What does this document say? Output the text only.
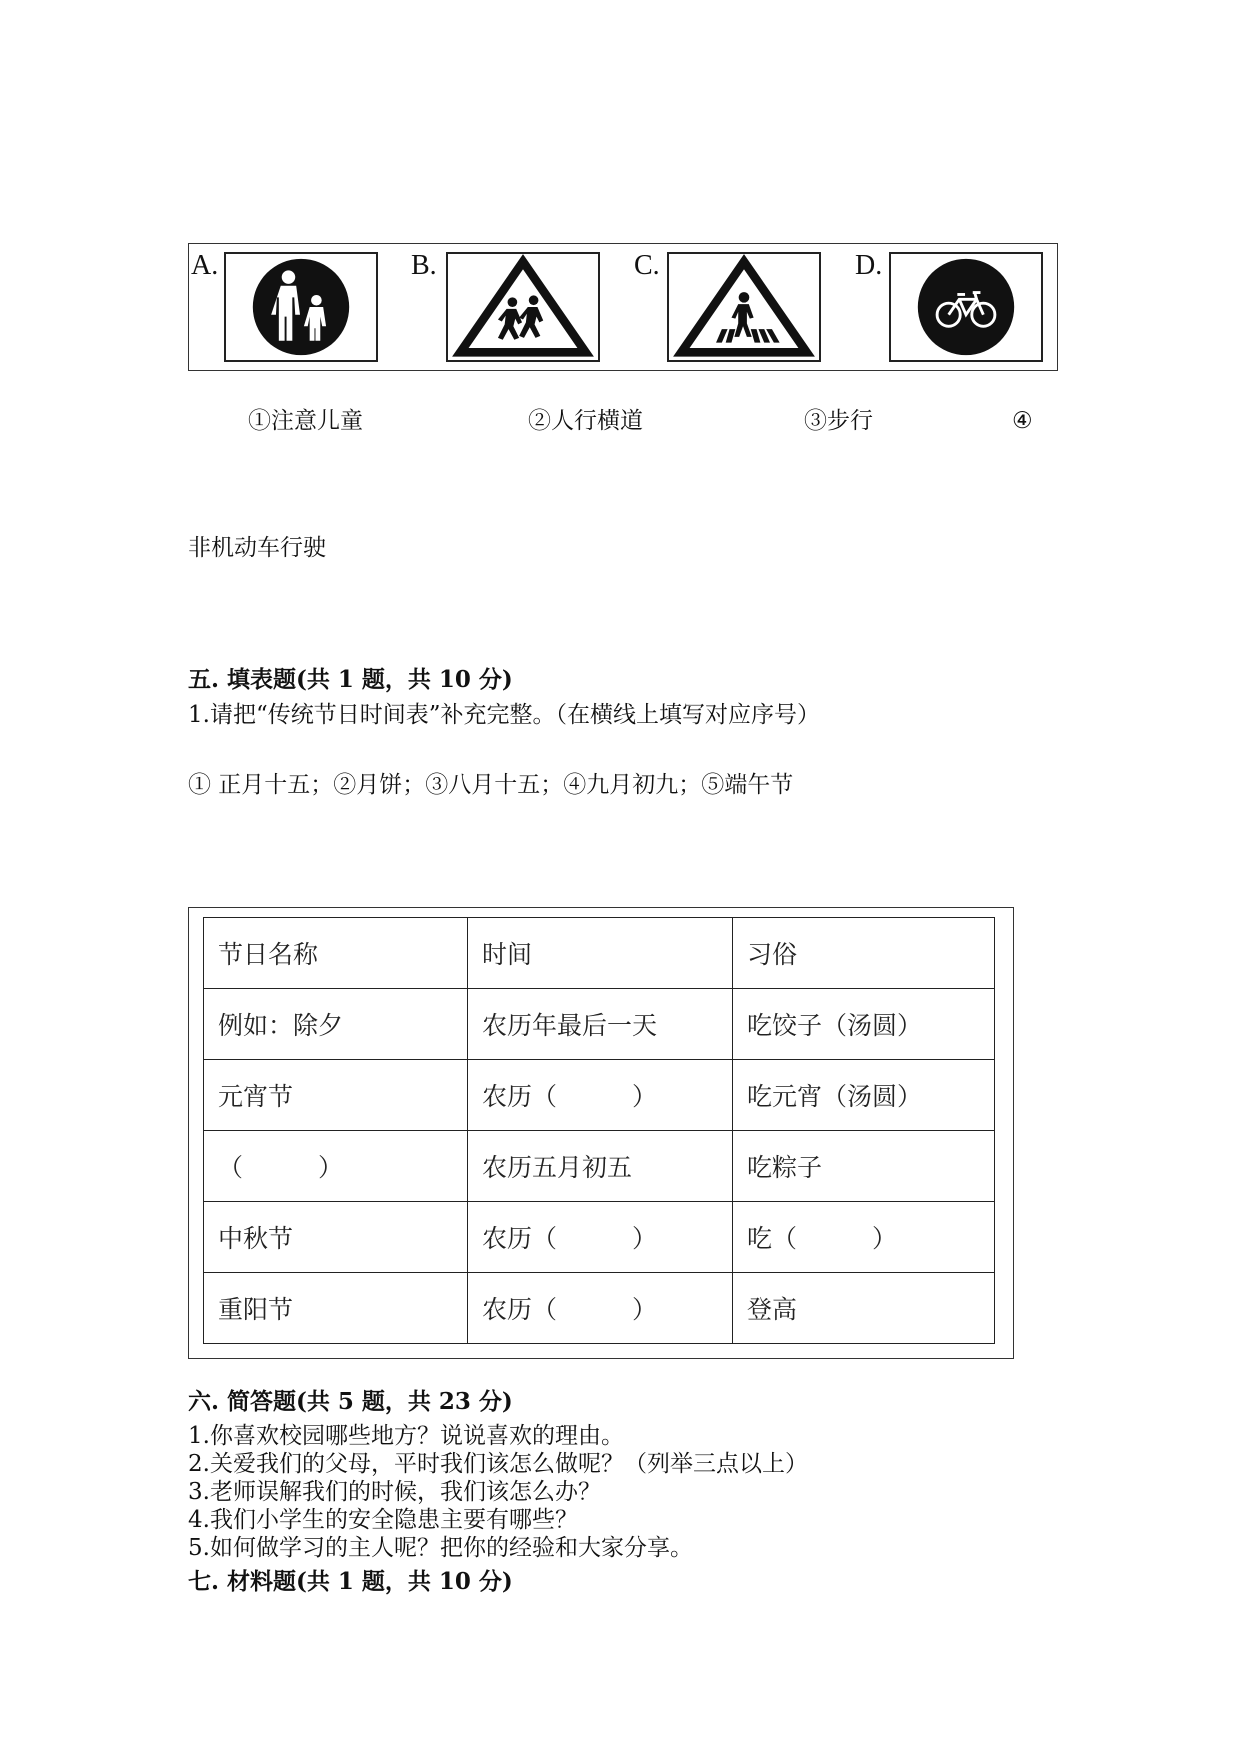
A.	B.	C.	D.
①注意儿童	②人行横道	③步行	④
非机动车行驶
五. 填表题(共 1 题，共 10 分)
1.请把“传统节日时间表”补充完整。（在横线上填写对应序号）
① 正月十五；②月饼；③八月十五；④九月初九；⑤端午节
节日名称	时间	习俗
例如：除夕	农历年最后一天	吃饺子（汤圆）
元宵节	农历（　　　）	吃元宵（汤圆）
（　　　）	农历五月初五	吃粽子
中秋节	农历（　　　）	吃（　　　）
重阳节	农历（　　　）	登高
六. 简答题(共 5 题，共 23 分)
1.你喜欢校园哪些地方？说说喜欢的理由。
2.关爱我们的父母，平时我们该怎么做呢？（列举三点以上）
3.老师误解我们的时候，我们该怎么办？
4.我们小学生的安全隐患主要有哪些？
5.如何做学习的主人呢？把你的经验和大家分享。
七. 材料题(共 1 题，共 10 分)
